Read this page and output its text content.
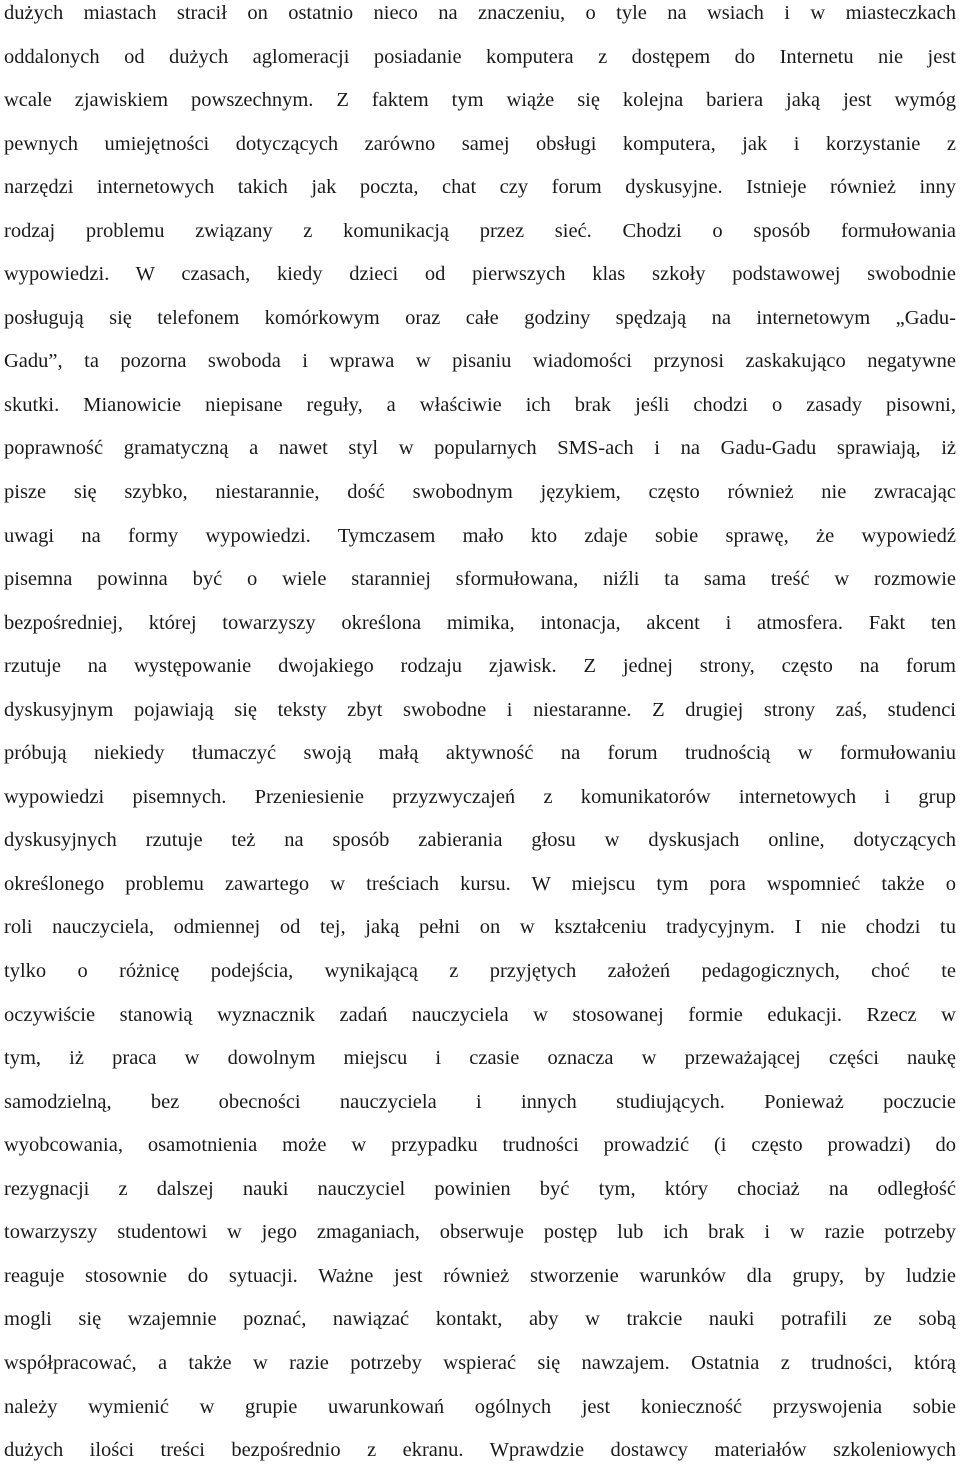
dużych miastach stracił on ostatnio nieco na znaczeniu, o tyle na wsiach i w miasteczkach
oddalonych od dużych aglomeracji posiadanie komputera z dostępem do Internetu nie jest
wcale zjawiskiem powszechnym. Z faktem tym wiąże się kolejna bariera jaką jest wymóg
pewnych umiejętności dotyczących zarówno samej obsługi komputera, jak i korzystanie z
narzędzi internetowych takich jak poczta, chat czy forum dyskusyjne. Istnieje również inny
rodzaj problemu związany z komunikacją przez sieć. Chodzi o sposób formułowania
wypowiedzi. W czasach, kiedy dzieci od pierwszych klas szkoły podstawowej swobodnie
posługują się telefonem komórkowym oraz całe godziny spędzają na internetowym „Gadu-
Gadu”, ta pozorna swoboda i wprawa w pisaniu wiadomości przynosi zaskakująco negatywne
skutki. Mianowicie niepisane reguły, a właściwie ich brak jeśli chodzi o zasady pisowni,
poprawność gramatyczną a nawet styl w popularnych SMS-ach i na Gadu-Gadu sprawiają, iż
pisze się szybko, niestarannie, dość swobodnym językiem, często również nie zwracając
uwagi na formy wypowiedzi. Tymczasem mało kto zdaje sobie sprawę, że wypowiedź
pisemna powinna być o wiele staranniej sformułowana, niźli ta sama treść w rozmowie
bezpośredniej, której towarzyszy określona mimika, intonacja, akcent i atmosfera. Fakt ten
rzutuje na występowanie dwojakiego rodzaju zjawisk. Z jednej strony, często na forum
dyskusyjnym pojawiają się teksty zbyt swobodne i niestaranne. Z drugiej strony zaś, studenci
próbują niekiedy tłumaczyć swoją małą aktywność na forum trudnością w formułowaniu
wypowiedzi pisemnych. Przeniesienie przyzwyczajeń z komunikatorów internetowych i grup
dyskusyjnych rzutuje też na sposób zabierania głosu w dyskusjach online, dotyczących
określonego problemu zawartego w treściach kursu. W miejscu tym pora wspomnieć także o
roli nauczyciela, odmiennej od tej, jaką pełni on w kształceniu tradycyjnym. I nie chodzi tu
tylko o różnicę podejścia, wynikającą z przyjętych założeń pedagogicznych, choć te
oczywiście stanowią wyznacznik zadań nauczyciela w stosowanej formie edukacji. Rzecz w
tym, iż praca w dowolnym miejscu i czasie oznacza w przeważającej części naukę
samodzielną, bez obecności nauczyciela i innych studiujących. Ponieważ poczucie
wyobcowania, osamotnienia może w przypadku trudności prowadzić (i często prowadzi) do
rezygnacji z dalszej nauki nauczyciel powinien być tym, który chociaż na odległość
towarzyszy studentowi w jego zmaganiach, obserwuje postęp lub ich brak i w razie potrzeby
reaguje stosownie do sytuacji. Ważne jest również stworzenie warunków dla grupy, by ludzie
mogli się wzajemnie poznać, nawiązać kontakt, aby w trakcie nauki potrafili ze sobą
współpracować, a także w razie potrzeby wspierać się nawzajem. Ostatnia z trudności, którą
należy wymienić w grupie uwarunkowań ogólnych jest konieczność przyswojenia sobie
dużych ilości treści bezpośrednio z ekranu. Wprawdzie dostawcy materiałów szkoleniowych
